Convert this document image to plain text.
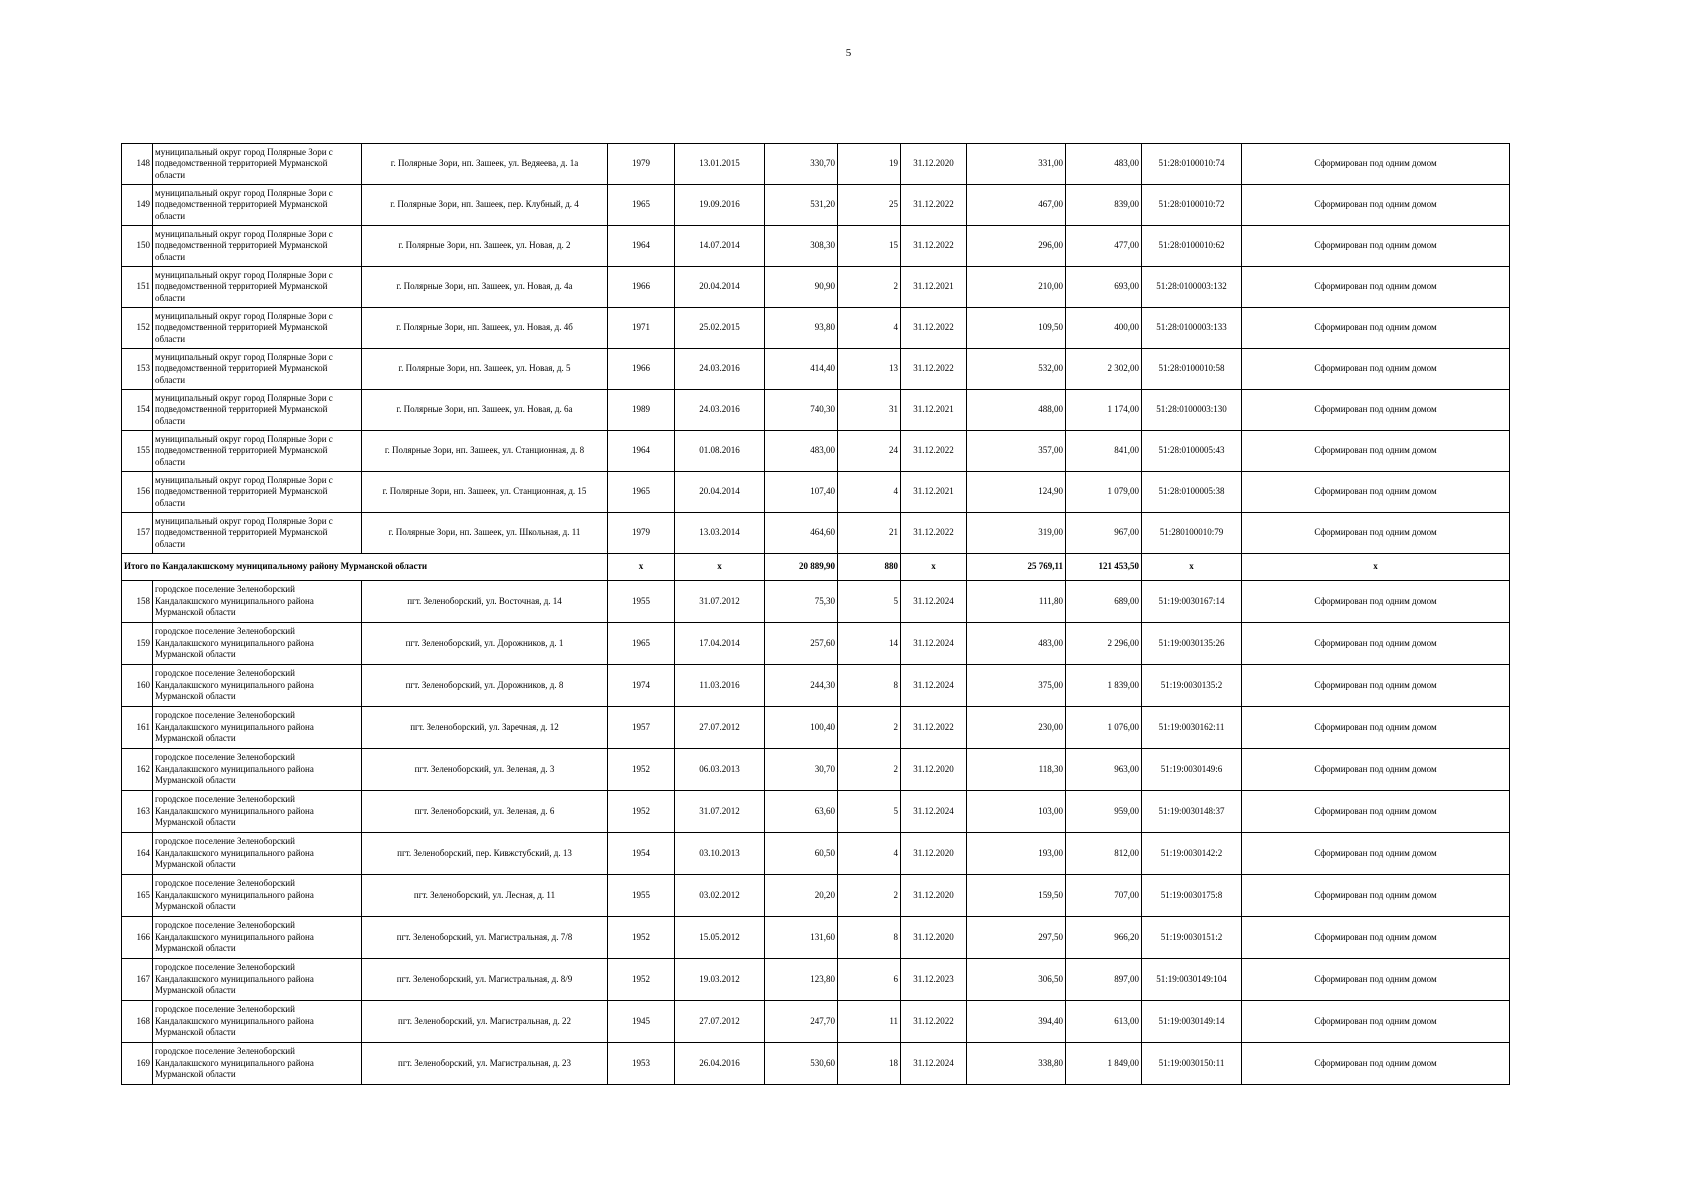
5
148	муниципальный округ город Полярные Зори с подведомственной территорией Мурманской области	г. Полярные Зори, нп. Зашеек, ул. Ведяеева, д. 1а	1979	13.01.2015	330,70	19	31.12.2020	331,00	483,00	51:28:0100010:74	Сформирован под одним домом
149	муниципальный округ город Полярные Зори с подведомственной территорией Мурманской области	г. Полярные Зори, нп. Зашеек, пер. Клубный, д. 4	1965	19.09.2016	531,20	25	31.12.2022	467,00	839,00	51:28:0100010:72	Сформирован под одним домом
150	муниципальный округ город Полярные Зори с подведомственной территорией Мурманской области	г. Полярные Зори, нп. Зашеек, ул. Новая, д. 2	1964	14.07.2014	308,30	15	31.12.2022	296,00	477,00	51:28:0100010:62	Сформирован под одним домом
151	муниципальный округ город Полярные Зори с подведомственной территорией Мурманской области	г. Полярные Зори, нп. Зашеек, ул. Новая, д. 4а	1966	20.04.2014	90,90	2	31.12.2021	210,00	693,00	51:28:0100003:132	Сформирован под одним домом
152	муниципальный округ город Полярные Зори с подведомственной территорией Мурманской области	г. Полярные Зори, нп. Зашеек, ул. Новая, д. 4б	1971	25.02.2015	93,80	4	31.12.2022	109,50	400,00	51:28:0100003:133	Сформирован под одним домом
153	муниципальный округ город Полярные Зори с подведомственной территорией Мурманской области	г. Полярные Зори, нп. Зашеек, ул. Новая, д. 5	1966	24.03.2016	414,40	13	31.12.2022	532,00	2 302,00	51:28:0100010:58	Сформирован под одним домом
154	муниципальный округ город Полярные Зори с подведомственной территорией Мурманской области	г. Полярные Зори, нп. Зашеек, ул. Новая, д. 6а	1989	24.03.2016	740,30	31	31.12.2021	488,00	1 174,00	51:28:0100003:130	Сформирован под одним домом
155	муниципальный округ город Полярные Зори с подведомственной территорией Мурманской области	г. Полярные Зори, нп. Зашеек, ул. Станционная, д. 8	1964	01.08.2016	483,00	24	31.12.2022	357,00	841,00	51:28:0100005:43	Сформирован под одним домом
156	муниципальный округ город Полярные Зори с подведомственной территорией Мурманской области	г. Полярные Зори, нп. Зашеек, ул. Станционная, д. 15	1965	20.04.2014	107,40	4	31.12.2021	124,90	1 079,00	51:28:0100005:38	Сформирован под одним домом
157	муниципальный округ город Полярные Зори с подведомственной территорией Мурманской области	г. Полярные Зори, нп. Зашеек, ул. Школьная, д. 11	1979	13.03.2014	464,60	21	31.12.2022	319,00	967,00	51:280100010:79	Сформирован под одним домом
Итого по Кандалакшскому муниципальному району Мурманской области			x	x	20 889,90	880	x	25 769,11	121 453,50	x	x
158	городское поселение Зеленоборский Кандалакшского муниципального района Мурманской области	пгт. Зеленоборский, ул. Восточная, д. 14	1955	31.07.2012	75,30	5	31.12.2024	111,80	689,00	51:19:0030167:14	Сформирован под одним домом
159	городское поселение Зеленоборский Кандалакшского муниципального района Мурманской области	пгт. Зеленоборский, ул. Дорожников, д. 1	1965	17.04.2014	257,60	14	31.12.2024	483,00	2 296,00	51:19:0030135:26	Сформирован под одним домом
160	городское поселение Зеленоборский Кандалакшского муниципального района Мурманской области	пгт. Зеленоборский, ул. Дорожников, д. 8	1974	11.03.2016	244,30	8	31.12.2024	375,00	1 839,00	51:19:0030135:2	Сформирован под одним домом
161	городское поселение Зеленоборский Кандалакшского муниципального района Мурманской области	пгт. Зеленоборский, ул. Заречная, д. 12	1957	27.07.2012	100,40	2	31.12.2022	230,00	1 076,00	51:19:0030162:11	Сформирован под одним домом
162	городское поселение Зеленоборский Кандалакшского муниципального района Мурманской области	пгт. Зеленоборский, ул. Зеленая, д. 3	1952	06.03.2013	30,70	2	31.12.2020	118,30	963,00	51:19:0030149:6	Сформирован под одним домом
163	городское поселение Зеленоборский Кандалакшского муниципального района Мурманской области	пгт. Зеленоборский, ул. Зеленая, д. 6	1952	31.07.2012	63,60	5	31.12.2024	103,00	959,00	51:19:0030148:37	Сформирован под одним домом
164	городское поселение Зеленоборский Кандалакшского муниципального района Мурманской области	пгт. Зеленоборский, пер. Кивжстубский, д. 13	1954	03.10.2013	60,50	4	31.12.2020	193,00	812,00	51:19:0030142:2	Сформирован под одним домом
165	городское поселение Зеленоборский Кандалакшского муниципального района Мурманской области	пгт. Зеленоборский, ул. Лесная, д. 11	1955	03.02.2012	20,20	2	31.12.2020	159,50	707,00	51:19:0030175:8	Сформирован под одним домом
166	городское поселение Зеленоборский Кандалакшского муниципального района Мурманской области	пгт. Зеленоборский, ул. Магистральная, д. 7/8	1952	15.05.2012	131,60	8	31.12.2020	297,50	966,20	51:19:0030151:2	Сформирован под одним домом
167	городское поселение Зеленоборский Кандалакшского муниципального района Мурманской области	пгт. Зеленоборский, ул. Магистральная, д. 8/9	1952	19.03.2012	123,80	6	31.12.2023	306,50	897,00	51:19:0030149:104	Сформирован под одним домом
168	городское поселение Зеленоборский Кандалакшского муниципального района Мурманской области	пгт. Зеленоборский, ул. Магистральная, д. 22	1945	27.07.2012	247,70	11	31.12.2022	394,40	613,00	51:19:0030149:14	Сформирован под одним домом
169	городское поселение Зеленоборский Кандалакшского муниципального района Мурманской области	пгт. Зеленоборский, ул. Магистральная, д. 23	1953	26.04.2016	530,60	18	31.12.2024	338,80	1 849,00	51:19:0030150:11	Сформирован под одним домом
